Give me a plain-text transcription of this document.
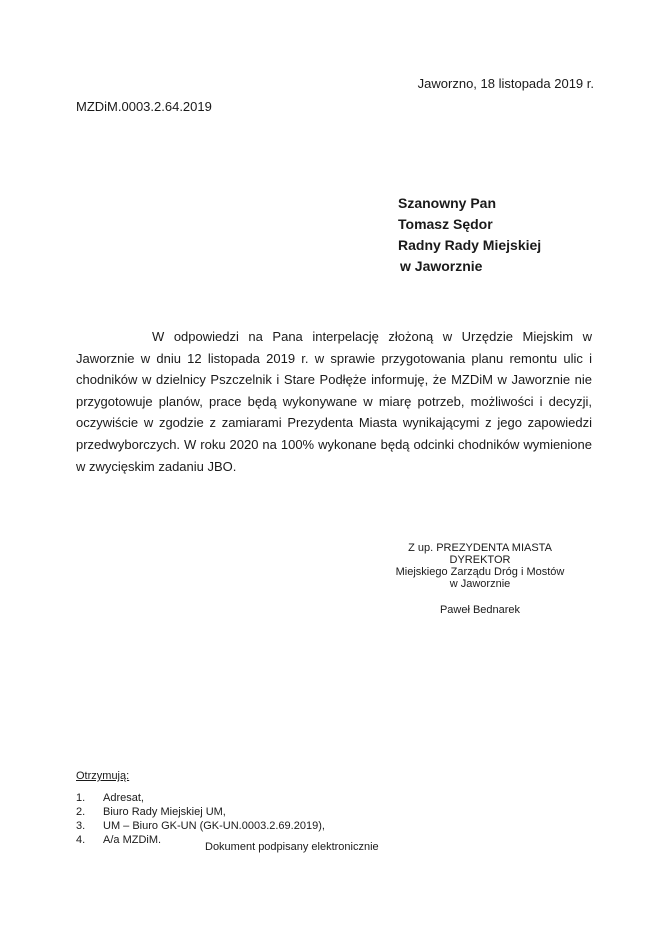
Jaworzno, 18 listopada 2019 r.
MZDiM.0003.2.64.2019
Szanowny Pan
Tomasz Sędor
Radny Rady Miejskiej
w Jaworznie

W odpowiedzi na Pana interpelację złożoną w Urzędzie Miejskim w Jaworznie w dniu 12 listopada 2019 r. w sprawie przygotowania planu remontu ulic i chodników w dzielnicy Pszczelnik i Stare Podłęże informuję, że MZDiM w Jaworznie nie przygotowuje planów, prace będą wykonywane w miarę potrzeb, możliwości i decyzji, oczywiście w zgodzie z zamiarami Prezydenta Miasta wynikającymi z jego zapowiedzi przedwyborczych. W roku 2020 na 100% wykonane będą odcinki chodników wymienione w zwycięskim zadaniu JBO.

Z up. PREZYDENTA MIASTA
DYREKTOR
Miejskiego Zarządu Dróg i Mostów
w Jaworznie
Paweł Bednarek
Otrzymują:
1.	Adresat,
2.	Biuro Rady Miejskiej UM,
3.	UM – Biuro GK-UN (GK-UN.0003.2.69.2019),
4.	A/a MZDiM.
Dokument podpisany elektronicznie
